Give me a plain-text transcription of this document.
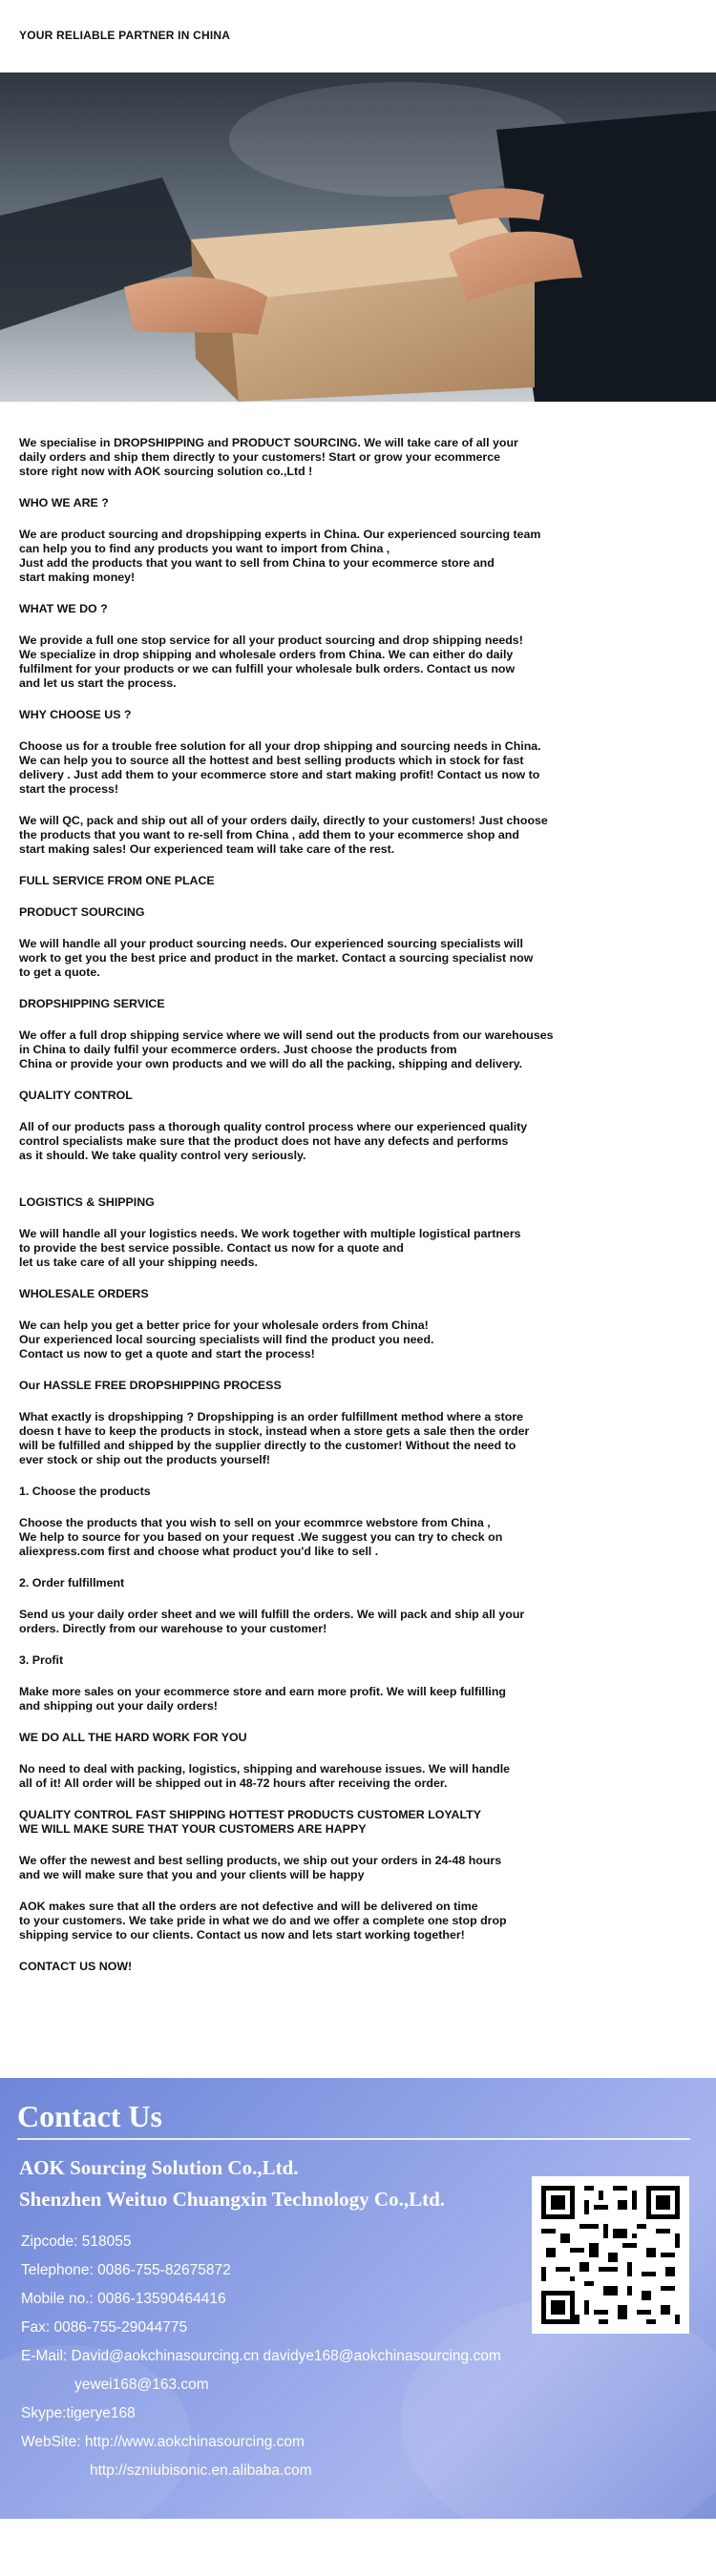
YOUR RELIABLE PARTNER IN CHINA
We specialise in DROPSHIPPING and PRODUCT SOURCING. We will take care of all your
daily orders and ship them directly to your customers! Start or grow your ecommerce
store right now with AOK sourcing solution co.,Ltd !
WHO WE ARE ?
We are product sourcing and dropshipping experts in China. Our experienced sourcing team
can help you to find any products you want to import from China ,
Just add the products that you want to sell from China to your ecommerce store and
start making money!
WHAT WE DO ?
We provide a full one stop service for all your product sourcing and drop shipping needs!
We specialize in drop shipping and wholesale orders from China. We can either do daily
fulfilment for your products or we can fulfill your wholesale bulk orders. Contact us now
and let us start the process.
WHY CHOOSE US ?
Choose us for a trouble free solution for all your drop shipping and sourcing needs in China.
We can help you to source all the hottest and best selling products which in stock for fast
delivery . Just add them to your ecommerce store and start making profit! Contact us now to
start the process!
We will QC, pack and ship out all of your orders daily, directly to your customers! Just choose
the products that you want to re-sell from China , add them to your ecommerce shop and
start making sales! Our experienced team will take care of the rest.
FULL SERVICE FROM ONE PLACE
PRODUCT SOURCING
We will handle all your product sourcing needs. Our experienced sourcing specialists will
work to get you the best price and product in the market. Contact a sourcing specialist now
to get a quote.
DROPSHIPPING SERVICE
We offer a full drop shipping service where we will send out the products from our warehouses
in China to daily fulfil your ecommerce orders. Just choose the products from
China or provide your own products and we will do all the packing, shipping and delivery.
QUALITY CONTROL
All of our products pass a thorough quality control process where our experienced quality
control specialists make sure that the product does not have any defects and performs
as it should. We take quality control very seriously.
LOGISTICS & SHIPPING
We will handle all your logistics needs. We work together with multiple logistical partners
to provide the best service possible. Contact us now for a quote and
let us take care of all your shipping needs.
WHOLESALE ORDERS
We can help you get a better price for your wholesale orders from China!
Our experienced local sourcing specialists will find the product you need.
Contact us now to get a quote and start the process!
Our HASSLE FREE DROPSHIPPING PROCESS
What exactly is dropshipping ? Dropshipping is an order fulfillment method where a store
doesn t have to keep the products in stock, instead when a store gets a sale then the order
will be fulfilled and shipped by the supplier directly to the customer! Without the need to
ever stock or ship out the products yourself!
1. Choose the products
Choose the products that you wish to sell on your ecommrce webstore from China ,
We help to source for you based on your request .We suggest you can try to check on
aliexpress.com first and choose what product you'd like to sell .
2. Order fulfillment
Send us your daily order sheet and we will fulfill the orders. We will pack and ship all your
orders. Directly from our warehouse to your customer!
3. Profit
Make more sales on your ecommerce store and earn more profit. We will keep fulfilling
and shipping out your daily orders!
WE DO ALL THE HARD WORK FOR YOU
No need to deal with packing, logistics, shipping and warehouse issues. We will handle
all of it! All order will be shipped out in 48-72 hours after receiving the order.
QUALITY CONTROL FAST SHIPPING HOTTEST PRODUCTS CUSTOMER LOYALTY
WE WILL MAKE SURE THAT YOUR CUSTOMERS ARE HAPPY
We offer the newest and best selling products, we ship out your orders in 24-48 hours
and we will make sure that you and your clients will be happy
AOK makes sure that all the orders are not defective and will be delivered on time
to your customers. We take pride in what we do and we offer a complete one stop drop
shipping service to our clients. Contact us now and lets start working together!
CONTACT US NOW!
Contact Us
AOK Sourcing Solution Co.,Ltd.
Shenzhen Weituo Chuangxin Technology Co.,Ltd.
Zipcode: 518055
Telephone: 0086-755-82675872
Mobile no.: 0086-13590464416
Fax: 0086-755-29044775
E-Mail: David@aokchinasourcing.cn davidye168@aokchinasourcing.com
yewei168@163.com
Skype:tigerye168
WebSite: http://www.aokchinasourcing.com
http://szniubisonic.en.alibaba.com
